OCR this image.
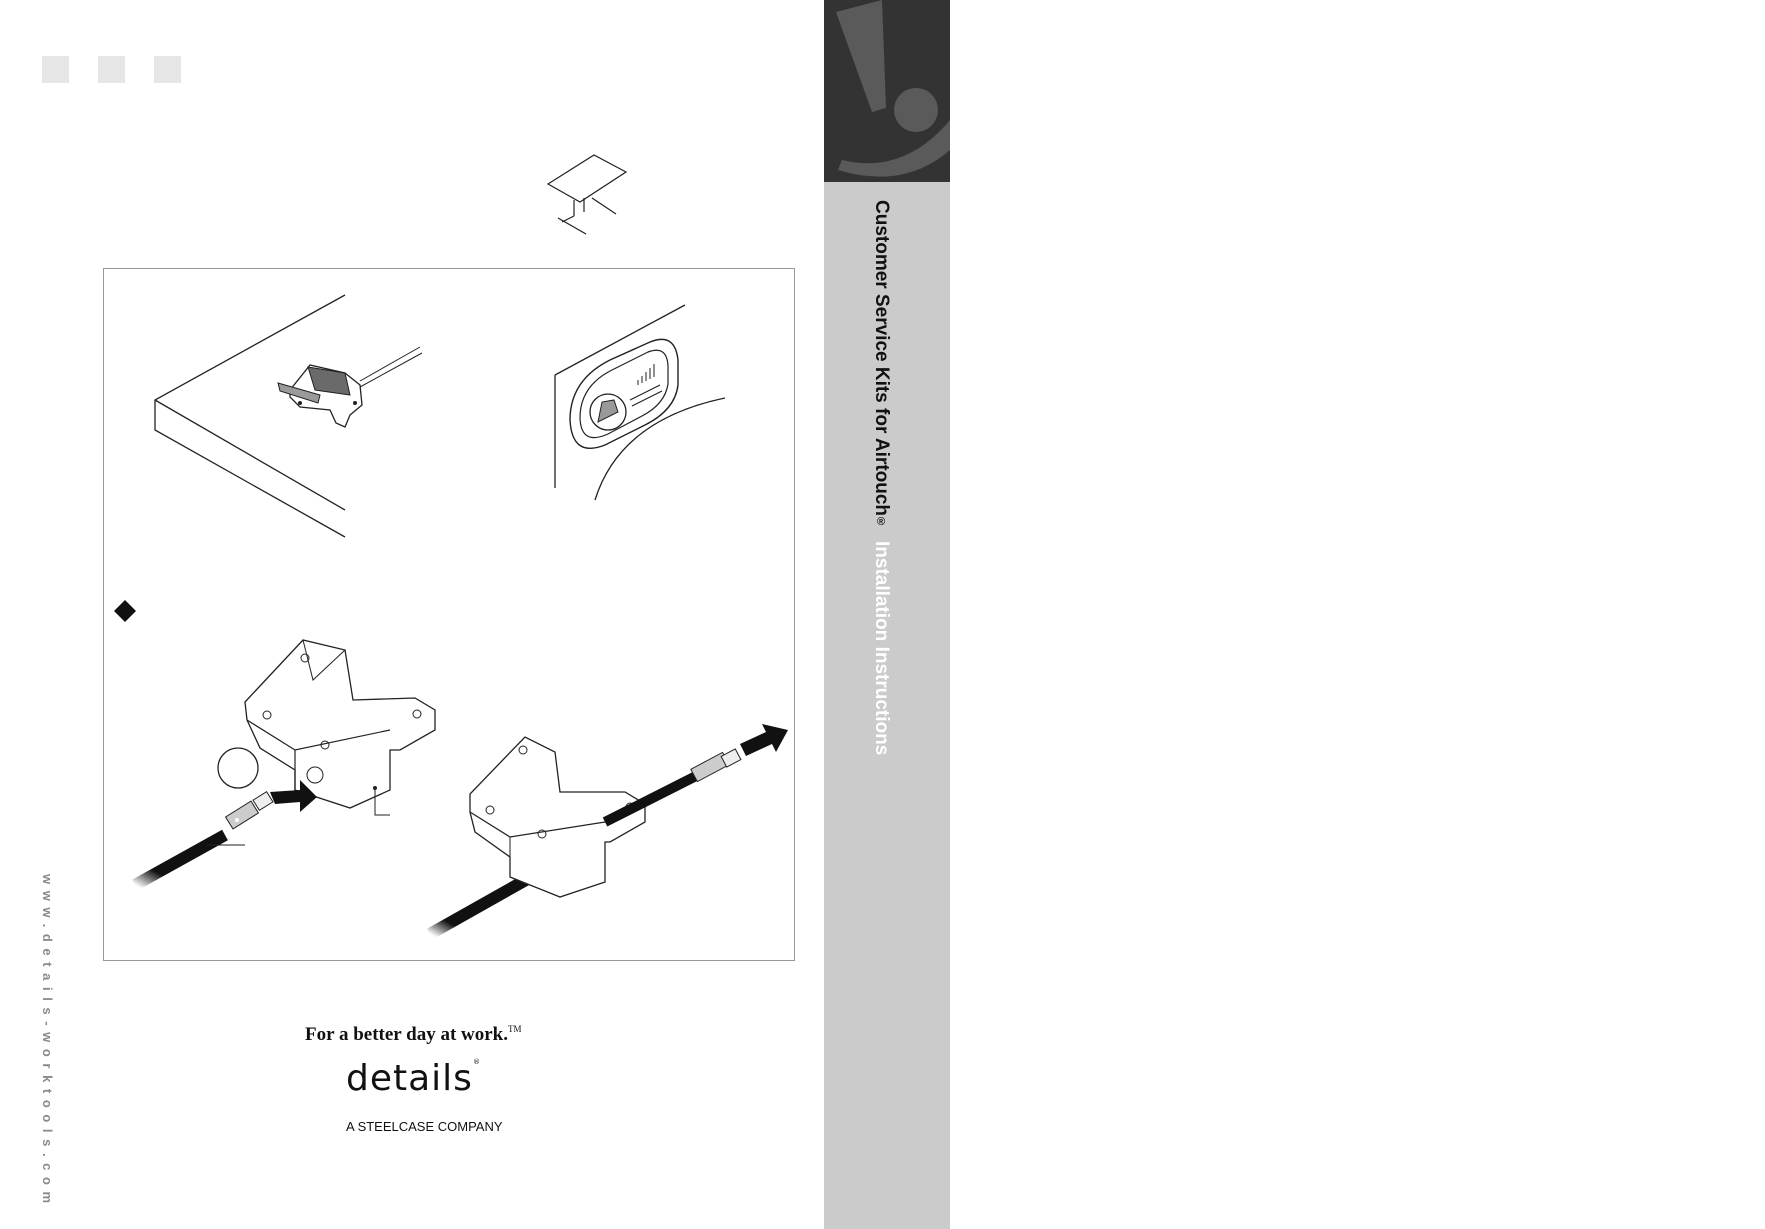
details®
Customer Service Kits for Airtouch® Installation Instructions
www.details-worktools.com	For a better day at work.™
details®
A STEELCASE COMPANY
